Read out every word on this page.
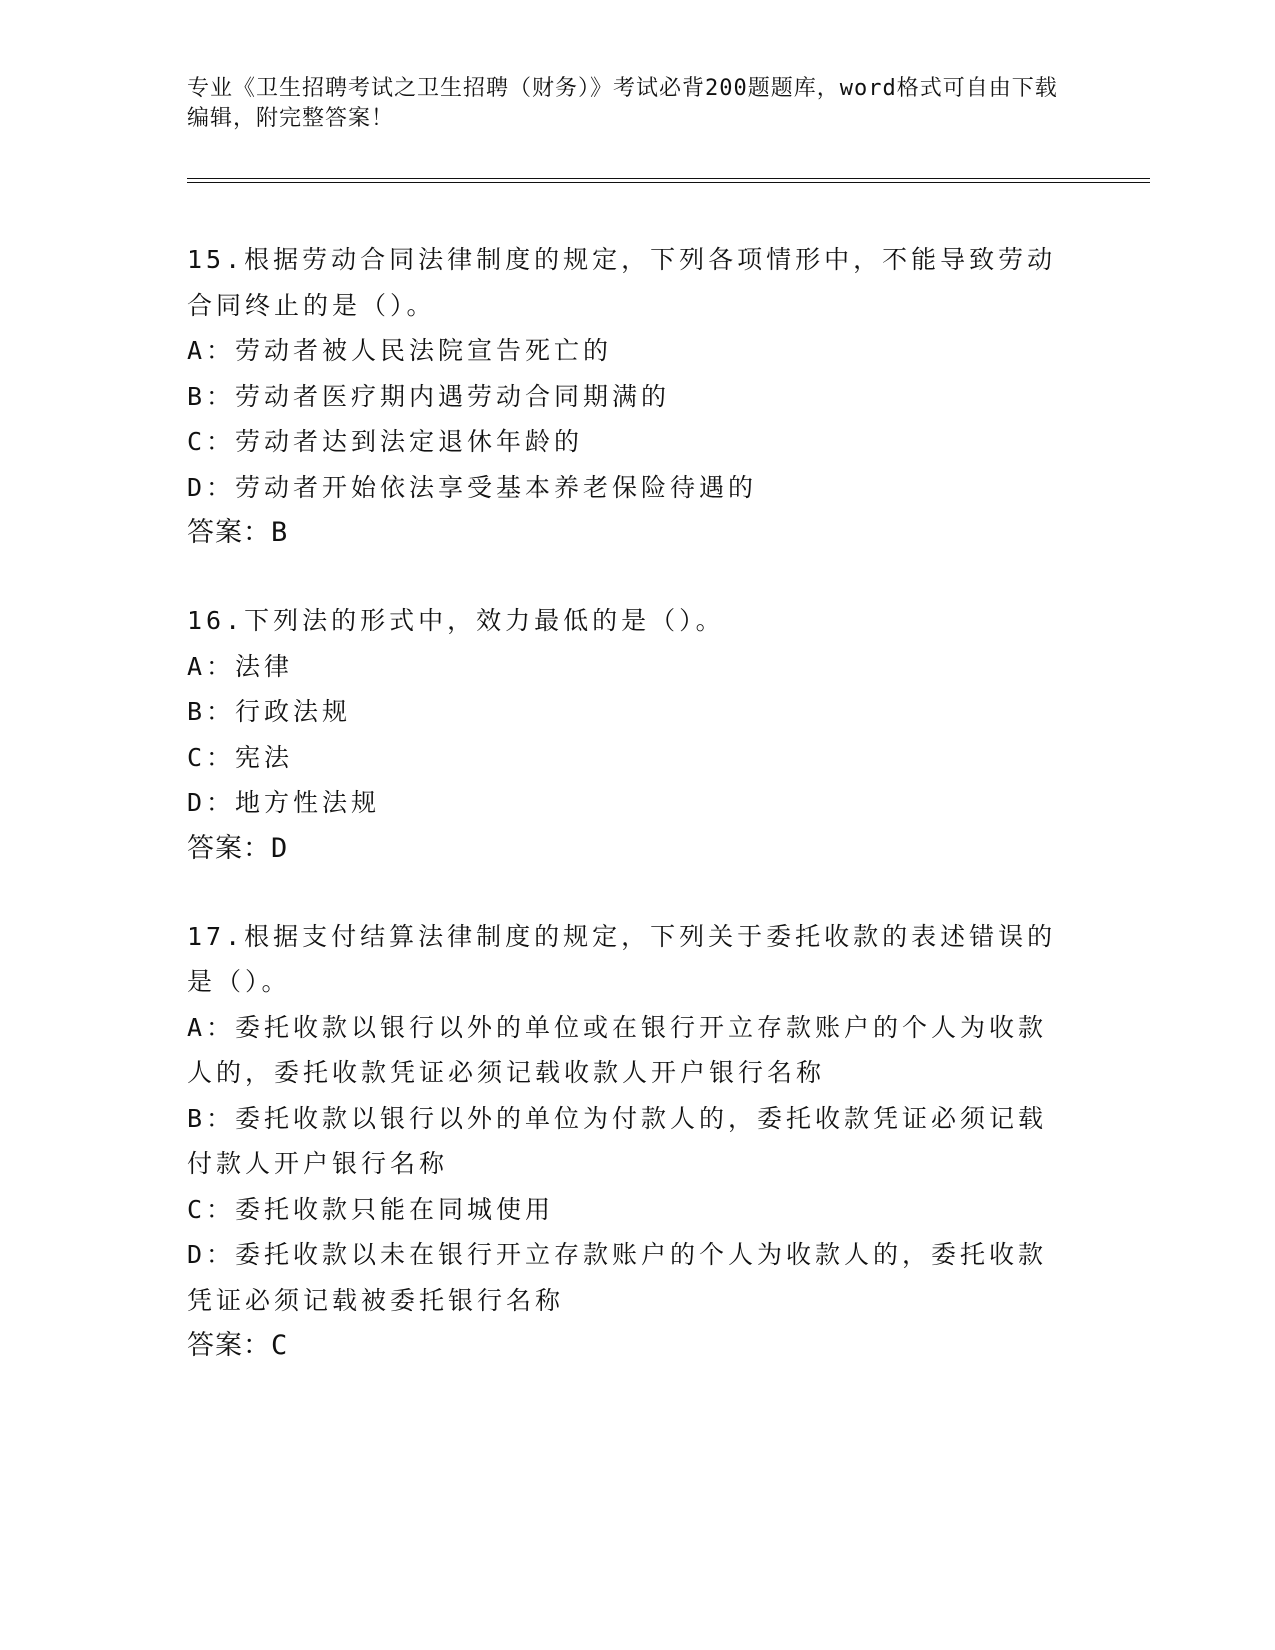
专业《卫生招聘考试之卫生招聘（财务）》考试必背200题题库，word格式可自由下载编辑，附完整答案！
15.根据劳动合同法律制度的规定，下列各项情形中，不能导致劳动合同终止的是（）。
A：劳动者被人民法院宣告死亡的
B：劳动者医疗期内遇劳动合同期满的
C：劳动者达到法定退休年龄的
D：劳动者开始依法享受基本养老保险待遇的
答案：B
16.下列法的形式中，效力最低的是（）。
A：法律
B：行政法规
C：宪法
D：地方性法规
答案：D
17.根据支付结算法律制度的规定，下列关于委托收款的表述错误的是（）。
A：委托收款以银行以外的单位或在银行开立存款账户的个人为收款人的，委托收款凭证必须记载收款人开户银行名称
B：委托收款以银行以外的单位为付款人的，委托收款凭证必须记载付款人开户银行名称
C：委托收款只能在同城使用
D：委托收款以未在银行开立存款账户的个人为收款人的，委托收款凭证必须记载被委托银行名称
答案：C
